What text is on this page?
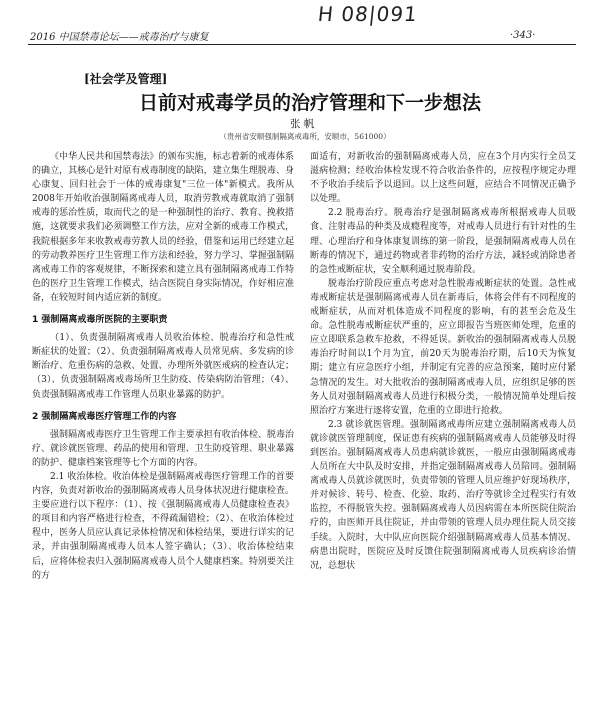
H 08|091
2016 中国禁毒论坛——戒毒治疗与康复	·343·
[社会学及管理]
日前对戒毒学员的治疗管理和下一步想法
张 帆
（贵州省安顺强制隔离戒毒所，安顺市，561000）

《中华人民共和国禁毒法》的颁布实施，标志着新的戒毒体系的确立，其核心是针对原有戒毒制度的缺陷，建立集生理脱毒、身心康复、回归社会于一体的戒毒康复"三位一体"新模式。我所从2008年开始收治强制隔离戒毒人员，取消劳教戒毒就取消了强制戒毒的惩治性质，取而代之的是一种强制性的治疗、教育、挽救措施，这就要求我们必须调整工作方法，应对全新的戒毒工作模式，我院根据多年来收教戒毒劳教人员的经验，借鉴和运用已经建立起的劳动教养医疗卫生管理工作方法和经验，努力学习、掌握强制隔离戒毒工作的客观规律，不断探索和建立具有强制隔离戒毒工作特色的医疗卫生管理工作模式，结合医院自身实际情况，作好相应准备，在较短时间内适应新的制度。

1 强制隔离戒毒所医院的主要职责

（1）、负责强制隔离戒毒人员收治体检、脱毒治疗和急性戒断症状的处置；（2）、负责强制隔离戒毒人员常见病、多发病的诊断治疗、危重伤病的急救、处置、办理所外就医戒病的检查认定；（3）、负责强制隔离戒毒场所卫生防疫、传染病防治管理；（4）、负责强制隔离戒毒工作管理人员职业暴露的防护。

2 强制隔离戒毒医疗管理工作的内容

强制隔离戒毒医疗卫生管理工作主要承担有收治体检、脱毒治疗、就诊就医管理、药品的使用和管理、卫生防疫管理、职业暴露的防护、健康档案管理等七个方面的内容。

2.1 收治体检。收治体检是强制隔离戒毒医疗管理工作的首要内容，负责对新收治的强制隔离戒毒人员身体状况进行健康检查。主要应进行以下程序：（1）、按《强制隔离戒毒人员健康检查表》的项目和内容严格进行检查，不得疏漏错检；（2）、在收治体检过程中，医务人员应认真记录体检情况和体检结果，要进行详实的记录，并由强制隔离戒毒人员本人签字确认；（3）、收治体检结束后，应将体检表归入强制隔离戒毒人员个人健康档案。特别要关注的方

面适有，对新收治的强制隔离戒毒人员，应在3个月内实行全员艾滋病检测；经收治体检发现不符合收治条件的，应按程序规定办理不予收治手续后予以退回。以上这些问题，应结合不同情况正确予以处理。

2.2 脱毒治疗。脱毒治疗是强制隔离戒毒所根据戒毒人员吸食、注射毒品的种类及成瘾程度等，对戒毒人员进行有针对性的生理、心理治疗和身体康复训练的第一阶段，是强制隔离戒毒人员在断毒的情况下，通过药物或者非药物的治疗方法，减轻或消除患者的急性戒断症状，安全顺利通过脱毒阶段。

脱毒治疗阶段应重点考虑对急性脱毒戒断症状的处置。急性戒毒戒断症状是强制隔离戒毒人员在新毒后，体将会伴有不同程度的戒断症状，从而对机体造成不同程度的影响，有的甚至会危及生命。急性脱毒戒断症状严重的，应立即报告当班医师处理，危重的应立即联系急救车抢救，不得延误。新收治的强制隔离戒毒人员脱毒治疗时间以1个月为宜，前20天为脱毒治疗期，后10天为恢复期；建立有应急医疗小组，并制定有完善的应急预案，随时应付紧急情况的发生。对大批收治的强制隔离戒毒人员，应组织足够的医务人员对强制隔离戒毒人员进行积极分类，一般情况简单处理后按照治疗方案进行逐将安置，危重的立即进行抢救。

2.3 就诊就医管理。强制隔离戒毒所应建立强制隔离戒毒人员就诊就医管理制度，保证患有疾病的强制隔离戒毒人员能够及时得到医治。强制隔离戒毒人员患病就诊就医，一般应由强制隔离戒毒人员所在大中队及时安排，并指定强制隔离戒毒人员陪同。强制隔离戒毒人员就诊就医时，负责带领的管理人员应维护好现场秩序，并对候诊、转号、检查、化验、取药、治疗等就诊全过程实行有效监控，不得脱管失控。强制隔离戒毒人员因病需在本所医院住院治疗的，由医师开具住院证，并由带领的管理人员办理住院人员交接手续。入院时，大中队应向医院介绍强制隔离戒毒人员基本情况、病患出院时，医院应及时反馈住院强制隔离戒毒人员疾病诊治情况，总想状
